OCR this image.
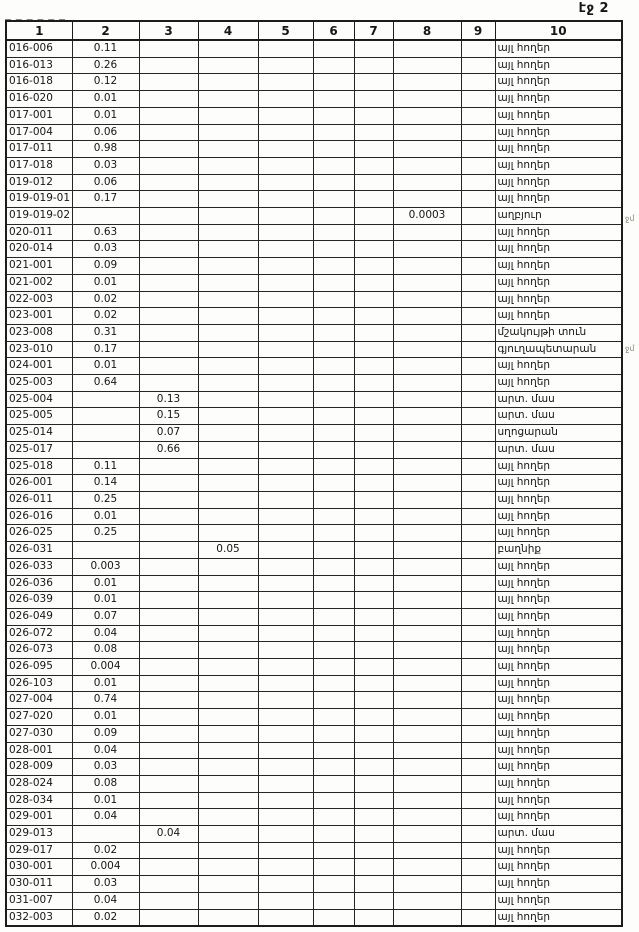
էջ 2
1	2	3	4	5	6	7	8	9	10
016-006	0.11								այլ հողեր
016-013	0.26								այլ հողեր
016-018	0.12								այլ հողեր
016-020	0.01								այլ հողեր
017-001	0.01								այլ հողեր
017-004	0.06								այլ հողեր
017-011	0.98								այլ հողեր
017-018	0.03								այլ հողեր
019-012	0.06								այլ հողեր
019-019-01	0.17								այլ հողեր
019-019-02							0.0003		աղբյուր
020-011	0.63								այլ հողեր
020-014	0.03								այլ հողեր
021-001	0.09								այլ հողեր
021-002	0.01								այլ հողեր
022-003	0.02								այլ հողեր
023-001	0.02								այլ հողեր
023-008	0.31								մշակույթի տուն
023-010	0.17								գյուղապետարան
024-001	0.01								այլ հողեր
025-003	0.64								այլ հողեր
025-004		0.13							արտ. մաս
025-005		0.15							արտ. մաս
025-014		0.07							սղոցարան
025-017		0.66							արտ. մաս
025-018	0.11								այլ հողեր
026-001	0.14								այլ հողեր
026-011	0.25								այլ հողեր
026-016	0.01								այլ հողեր
026-025	0.25								այլ հողեր
026-031			0.05						բաղնիք
026-033	0.003								այլ հողեր
026-036	0.01								այլ հողեր
026-039	0.01								այլ հողեր
026-049	0.07								այլ հողեր
026-072	0.04								այլ հողեր
026-073	0.08								այլ հողեր
026-095	0.004								այլ հողեր
026-103	0.01								այլ հողեր
027-004	0.74								այլ հողեր
027-020	0.01								այլ հողեր
027-030	0.09								այլ հողեր
028-001	0.04								այլ հողեր
028-009	0.03								այլ հողեր
028-024	0.08								այլ հողեր
028-034	0.01								այլ հողեր
029-001	0.04								այլ հողեր
029-013		0.04							արտ. մաս
029-017	0.02								այլ հողեր
030-001	0.004								այլ հողեր
030-011	0.03								այլ հողեր
031-007	0.04								այլ հողեր
032-003	0.02								այլ հողեր
ջմ
ջմ
